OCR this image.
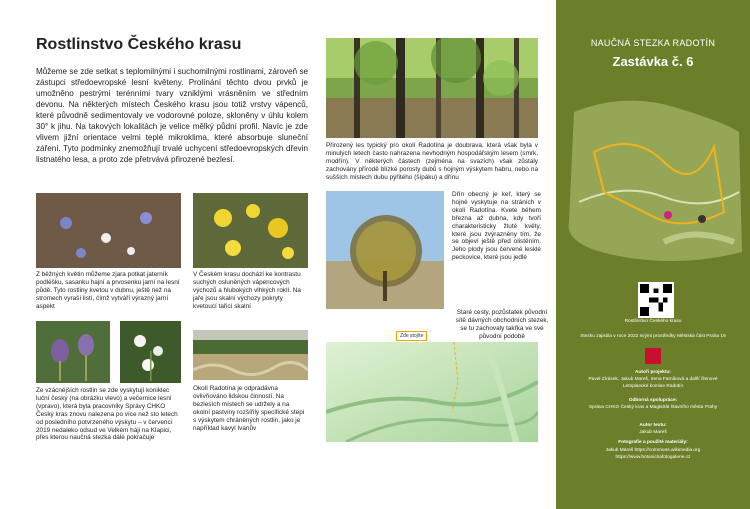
Rostlinstvo Českého krasu

Můžeme se zde setkat s teplomilnými i suchomilnými rostlinami, zároveň se zástupci středoevropské lesní květeny. Prolínání těchto dvou prvků je umožněno pestrými terénními tvary vzniklými vrásněním ve středním devonu. Na některých místech Českého krasu jsou totiž vrstvy vápenců, které původně sedimentovaly ve vodorovné poloze, skloněny v úhlu kolem 30° k jihu. Na takových lokalitách je velice mělký půdní profil. Navíc je zde vlivem jižní orientace velmi teplé mikroklima, které absorbuje sluneční záření. Tyto podmínky znemožňují trvalé uchycení středoevropských dřevin listnatého lesa, a proto zde přetrvává přirozené bezlesí.

Přirozený les typický pro okolí Radotína je doubrava, která však byla v minulých letech často nahrazena nevhodným hospodářským lesem (smrk, modřín). V některých částech (zejména na svazích) však zůstaly zachovány přírodě blízké porosty dubů s hojným výskytem habru, nebo na sušších místech dubu pýřitého (šípáku) a dřínu

Dřín obecný je keř, který se hojně vyskytuje na stráních v okolí Radotína. Kvete během března až dubna, kdy tvoří charakteristicky žluté květy, které jsou zvýrazněny tím, že se objeví ještě před olistěním. Jeho plody jsou červené lesklé peckovice, které jsou jedlé

Z běžných květin můžeme zjara potkat jaterník podléšku, sasanku hajní a prvosenku jarní na lesní půdě. Tyto rostliny kvetou v dubnu, ještě než na stromech vyraší listí, čímž vytváří výrazný jarní aspekt

V Českém krasu dochází ke kontrastu suchých osluněných vápencových výchozů a hlubokých vlhkých roklí. Na jaře jsou skalní výchozy pokryty kvetoucí tařicí skalní

Ze vzácnějších rostlin se zde vyskytují koniklec luční český (na obrázku vlevo) a večernice lesní (vpravo), která byla pracovníky Správy CHKO Český kras znovu nalezena po více než sto letech od posledního potvrzeného výskytu – v červenci 2019 nedaleko odsud ve Velkém háji na Klapici, přes kterou naučná stezka dále pokračuje

Okolí Radotína je odpradávna ovlivňováno lidskou činností. Na bezlesích místech se udržely a na okolní pastviny rozšířily specifické stepi s výskytem chráněných rostlin, jako je například kavyl Ivanův

Staré cesty, pozůstatek původní sítě dávných obchodních stezek, se tu zachovaly takřka ve své původní podobě

Zde stojíte

NAUČNÁ STEZKA RADOTÍN

Zastávka č. 6

Rostlinstvo Českého krasu

Stezku zajistila v roce 2022 svými prostředky Městská část Praha 16

Autoři projektu:

Pavel Zírásek, Jakub Mareš, Irena Farníková a další členové Letopisecké komise Radotín

Odborná spolupráce:

Správa CHKO Český kras a Magistrát hlavního města Prahy

Autor textu:

Jakub Mareš

Fotografie a použité materiály:

Jakub Mareš https://commons.wikimedia.org https://www.botanickafotogalerie.cz
